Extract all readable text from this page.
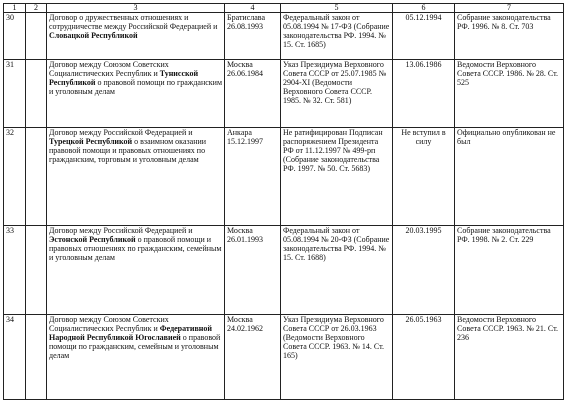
1	2	3	4	5	6	7
30		Договор о дружественных отношениях и сотрудничестве между Российской Федерацией и Словацкой Республикой	Братислава 26.08.1993	Федеральный закон от 05.08.1994 № 17-ФЗ (Собрание законодательства РФ. 1994. № 15. Ст. 1685)	05.12.1994	Собрание законодательства РФ. 1996. № 8. Ст. 703
31		Договор между Союзом Советских Социалистических Республик и Тунисской Республикой о правовой помощи по гражданским и уголовным делам	Москва 26.06.1984	Указ Президиума Верховного Совета СССР от 25.07.1985 № 2904-XI (Ведомости Верховного Совета СССР. 1985. № 32. Ст. 581)	13.06.1986	Ведомости Верховного Совета СССР. 1986. № 28. Ст. 525
32		Договор между Российской Федерацией и Турецкой Республикой о взаимном оказании правовой помощи и правовых отношениях по гражданским, торговым и уголовным делам	Анкара 15.12.1997	Не ратифицирован Подписан распоряжением Президента РФ от 11.12.1997 № 499-рп (Собрание законодательства РФ. 1997. № 50. Ст. 5683)	Не вступил в силу	Официально опубликован не был
33		Договор между Российской Федерацией и Эстонской Республикой о правовой помощи и правовых отношениях по гражданским, семейным и уголовным делам	Москва 26.01.1993	Федеральный закон от 05.08.1994 № 20-ФЗ (Собрание законодательства РФ. 1994. № 15. Ст. 1688)	20.03.1995	Собрание законодательства РФ. 1998. № 2. Ст. 229
34		Договор между Союзом Советских Социалистических Республик и Федеративной Народной Республикой Югославией о правовой помощи по гражданским, семейным и уголовным делам	Москва 24.02.1962	Указ Президиума Верховного Совета СССР от 26.03.1963 (Ведомости Верховного Совета СССР. 1963. № 14. Ст. 165)	26.05.1963	Ведомости Верховного Совета СССР. 1963. № 21. Ст. 236
